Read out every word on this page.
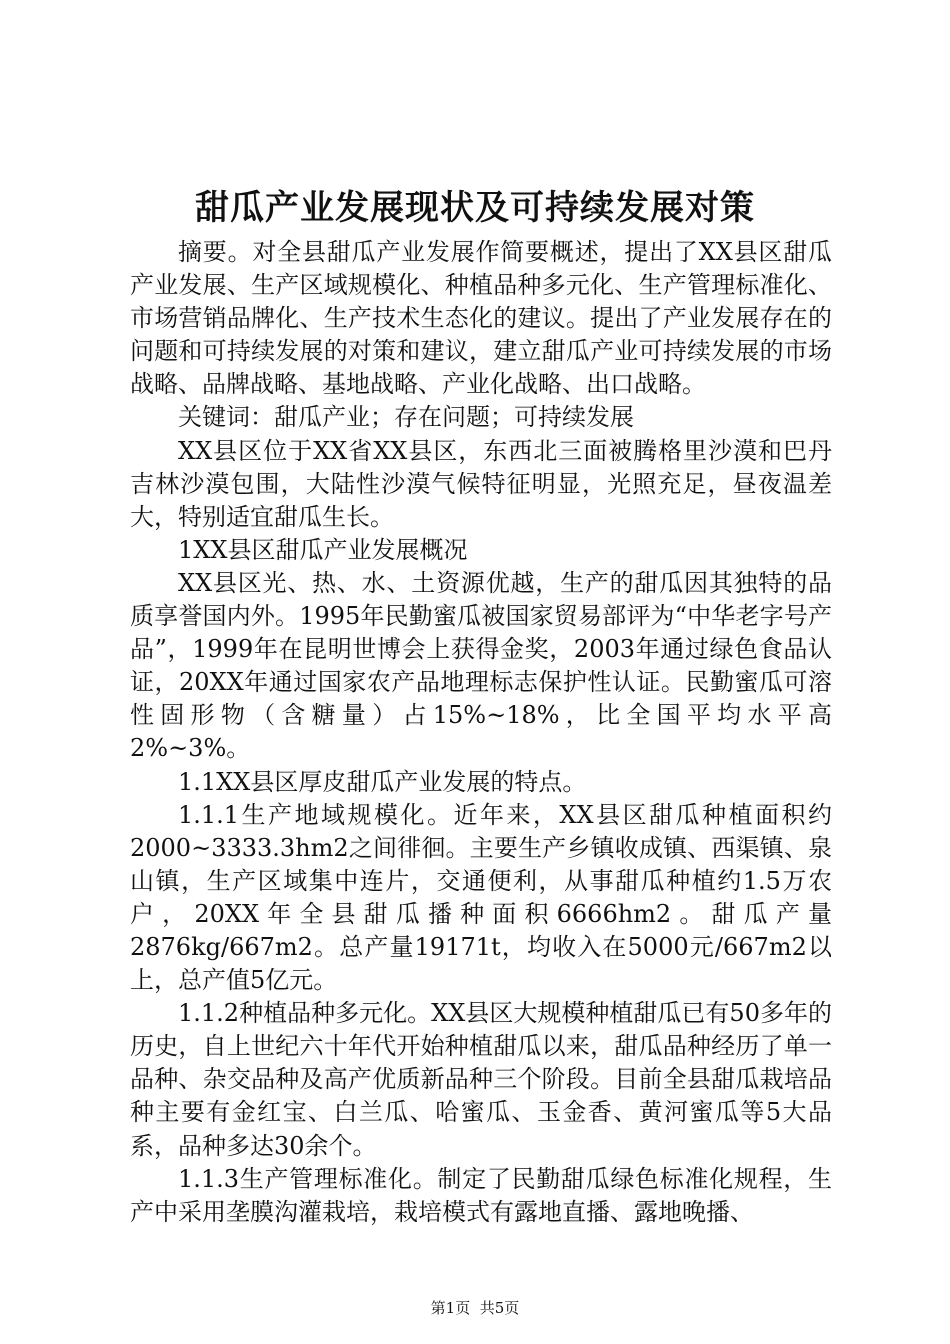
甜瓜产业发展现状及可持续发展对策

摘要。对全县甜瓜产业发展作简要概述，提出了XX县区甜瓜产业发展、生产区域规模化、种植品种多元化、生产管理标准化、市场营销品牌化、生产技术生态化的建议。提出了产业发展存在的问题和可持续发展的对策和建议，建立甜瓜产业可持续发展的市场战略、品牌战略、基地战略、产业化战略、出口战略。

关键词：甜瓜产业；存在问题；可持续发展

XX县区位于XX省XX县区，东西北三面被腾格里沙漠和巴丹吉林沙漠包围，大陆性沙漠气候特征明显，光照充足，昼夜温差大，特别适宜甜瓜生长。

1XX县区甜瓜产业发展概况

XX县区光、热、水、土资源优越，生产的甜瓜因其独特的品质享誉国内外。1995年民勤蜜瓜被国家贸易部评为“中华老字号产品”，1999年在昆明世博会上获得金奖，2003年通过绿色食品认证，20XX年通过国家农产品地理标志保护性认证。民勤蜜瓜可溶性固形物（含糖量）占15%~18%，比全国平均水平高2%~3%。

1.1XX县区厚皮甜瓜产业发展的特点。

1.1.1生产地域规模化。近年来，XX县区甜瓜种植面积约2000~3333.3hm2之间徘徊。主要生产乡镇收成镇、西渠镇、泉山镇，生产区域集中连片，交通便利，从事甜瓜种植约1.5万农户，20XX年全县甜瓜播种面积6666hm2。甜瓜产量2876kg/667m2。总产量19171t，均收入在5000元/667m2以上，总产值5亿元。

1.1.2种植品种多元化。XX县区大规模种植甜瓜已有50多年的历史，自上世纪六十年代开始种植甜瓜以来，甜瓜品种经历了单一品种、杂交品种及高产优质新品种三个阶段。目前全县甜瓜栽培品种主要有金红宝、白兰瓜、哈蜜瓜、玉金香、黄河蜜瓜等5大品系，品种多达30余个。

1.1.3生产管理标准化。制定了民勤甜瓜绿色标准化规程，生产中采用垄膜沟灌栽培，栽培模式有露地直播、露地晚播、

第1页 共5页
